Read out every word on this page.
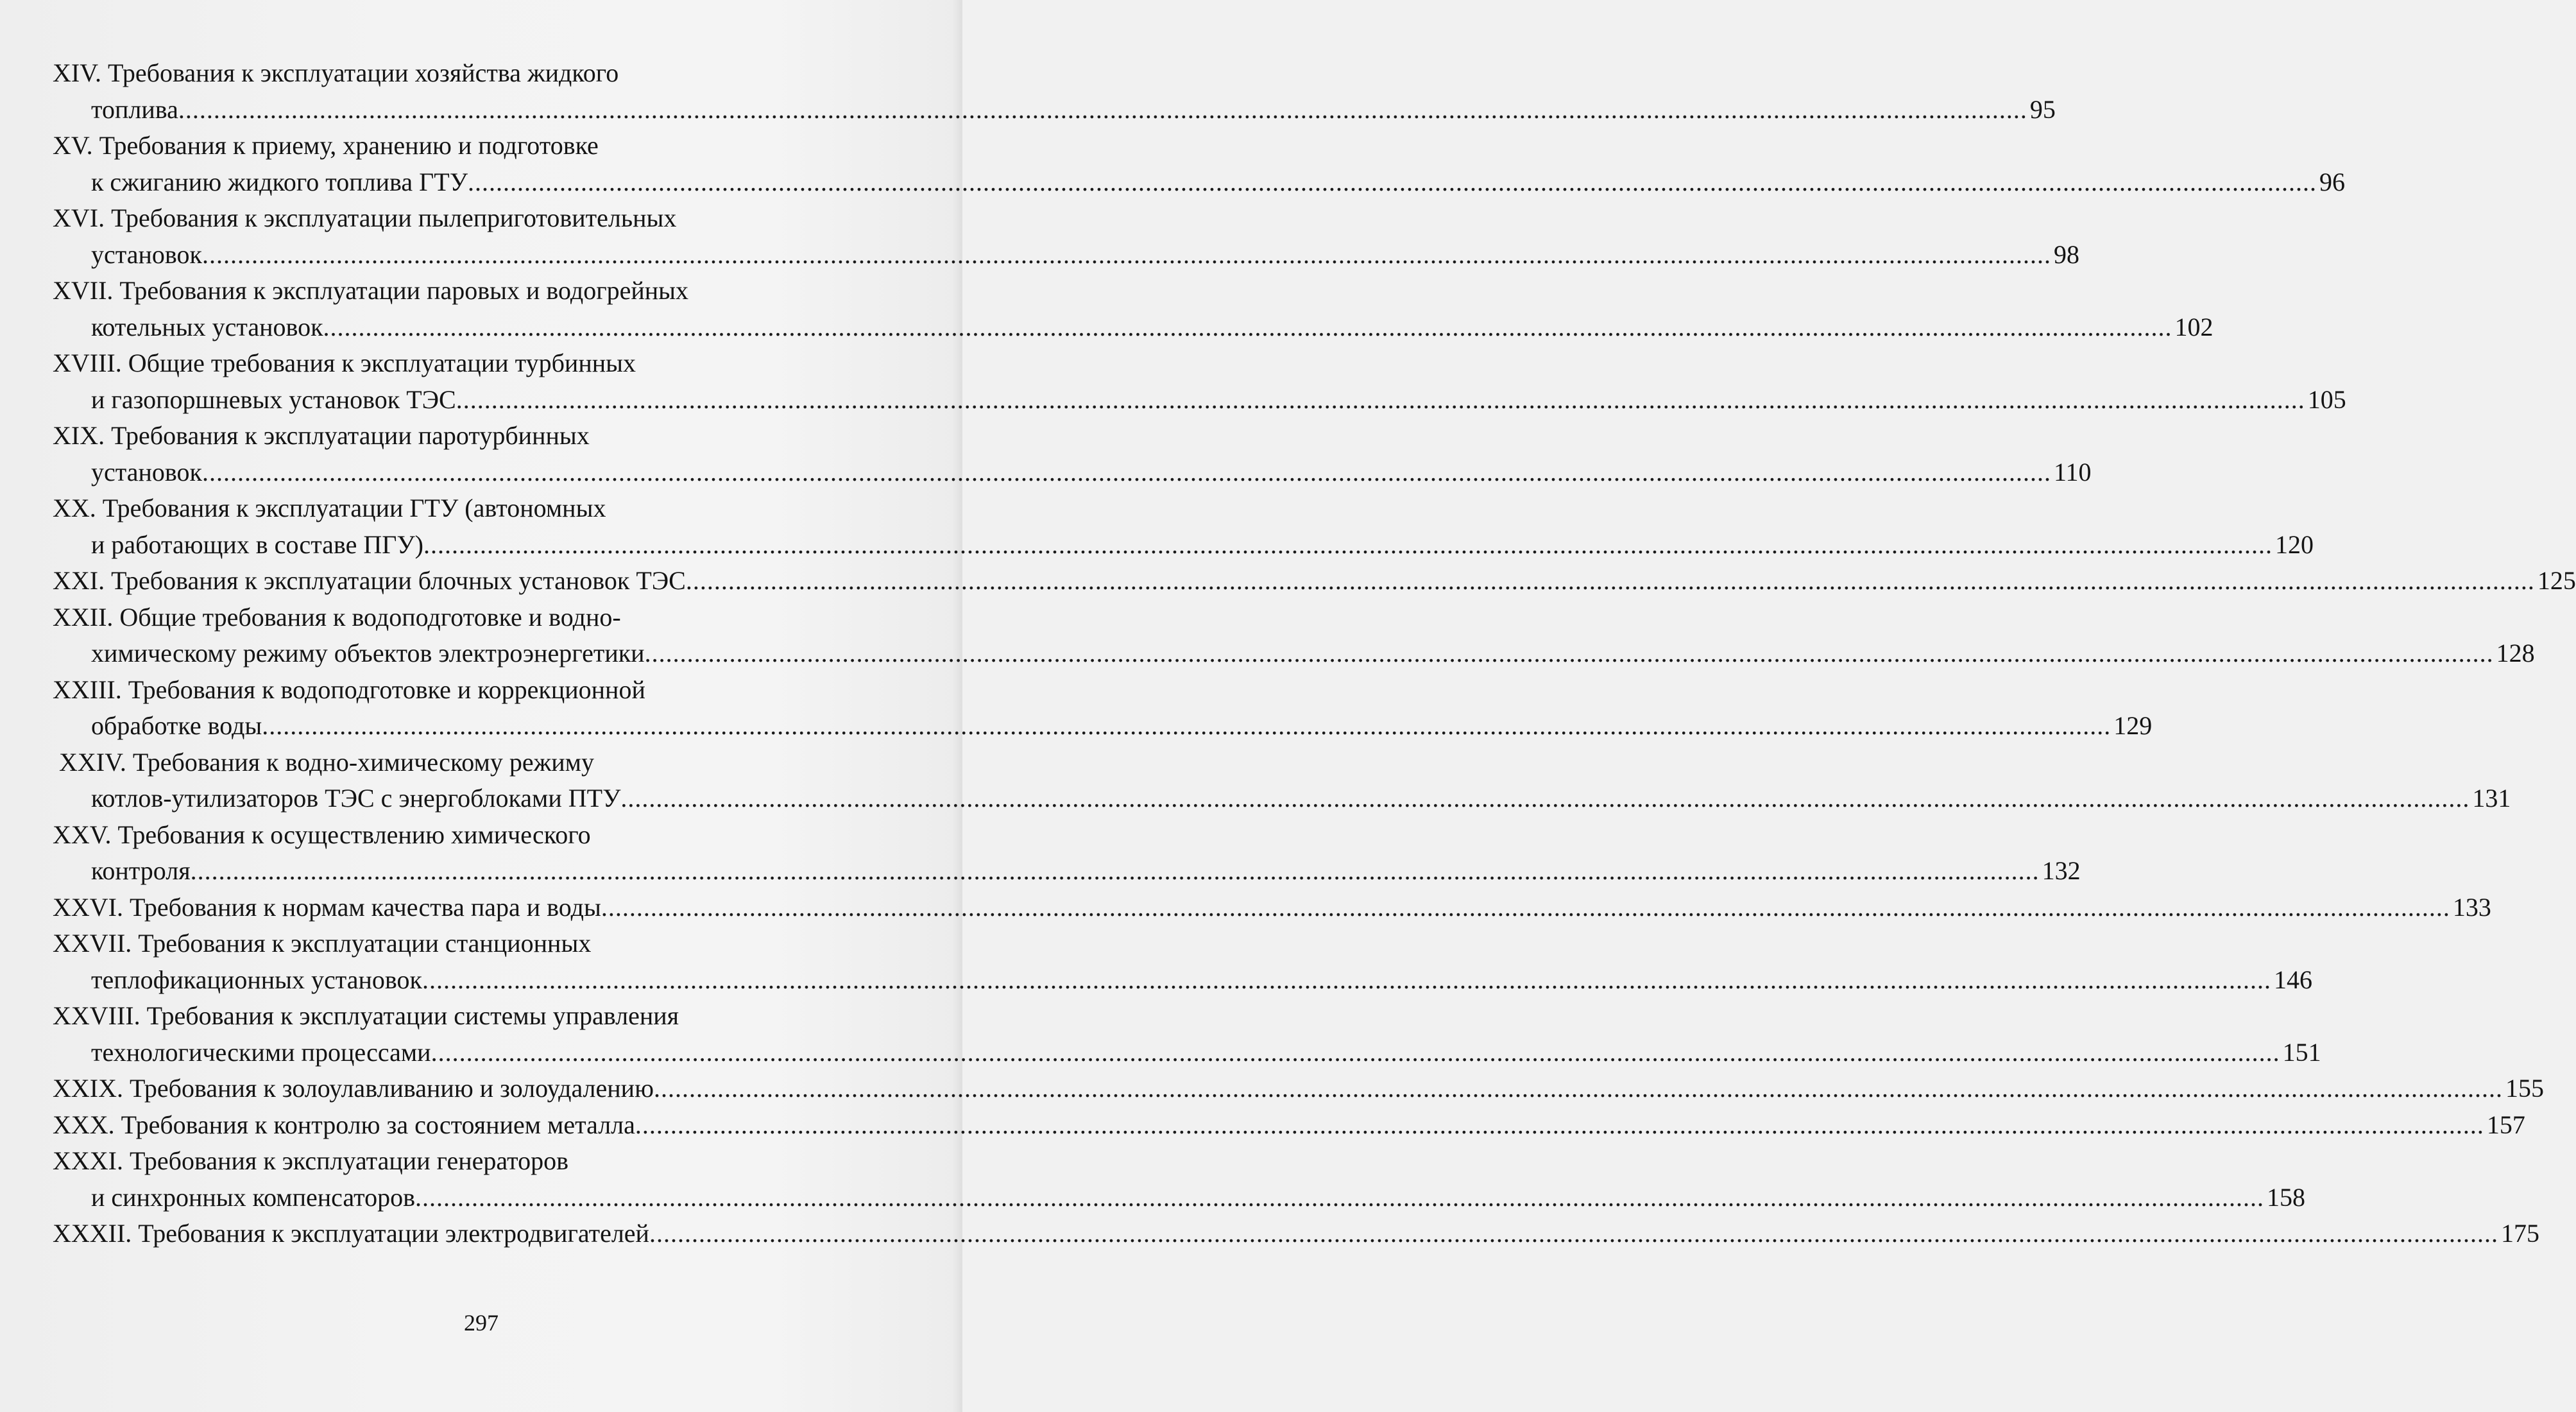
XIV. Требования к эксплуатации хозяйства жидкого
топлива .....	95
XV. Требования к приему, хранению и подготовке
к сжиганию жидкого топлива ГТУ .....	96
XVI. Требования к эксплуатации пылеприготовительных
установок .....	98
XVII. Требования к эксплуатации паровых и водогрейных
котельных установок .....	102
XVIII. Общие требования к эксплуатации турбинных
и газопоршневых установок ТЭС .....	105
XIX. Требования к эксплуатации паротурбинных
установок .....	110
XX. Требования к эксплуатации ГТУ (автономных
и работающих в составе ПГУ) .....	120
XXI. Требования к эксплуатации блочных установок ТЭС .....	125
XXII. Общие требования к водоподготовке и водно-
химическому режиму объектов электроэнергетики .....	128
XXIII. Требования к водоподготовке и коррекционной
обработке воды .....	129
XXIV. Требования к водно-химическому режиму
котлов-утилизаторов ТЭС с энергоблоками ПТУ .....	131
XXV. Требования к осуществлению химического
контроля .....	132
XXVI. Требования к нормам качества пара и воды .....	133
XXVII. Требования к эксплуатации станционных
теплофикационных установок .....	146
XXVIII. Требования к эксплуатации системы управления
технологическими процессами .....	151
XXIX. Требования к золоулавливанию и золоудалению .....	155
XXX. Требования к контролю за состоянием металла .....	157
XXXI. Требования к эксплуатации генераторов
и синхронных компенсаторов .....	158
XXXII. Требования к эксплуатации электродвигателей .....	175
297
